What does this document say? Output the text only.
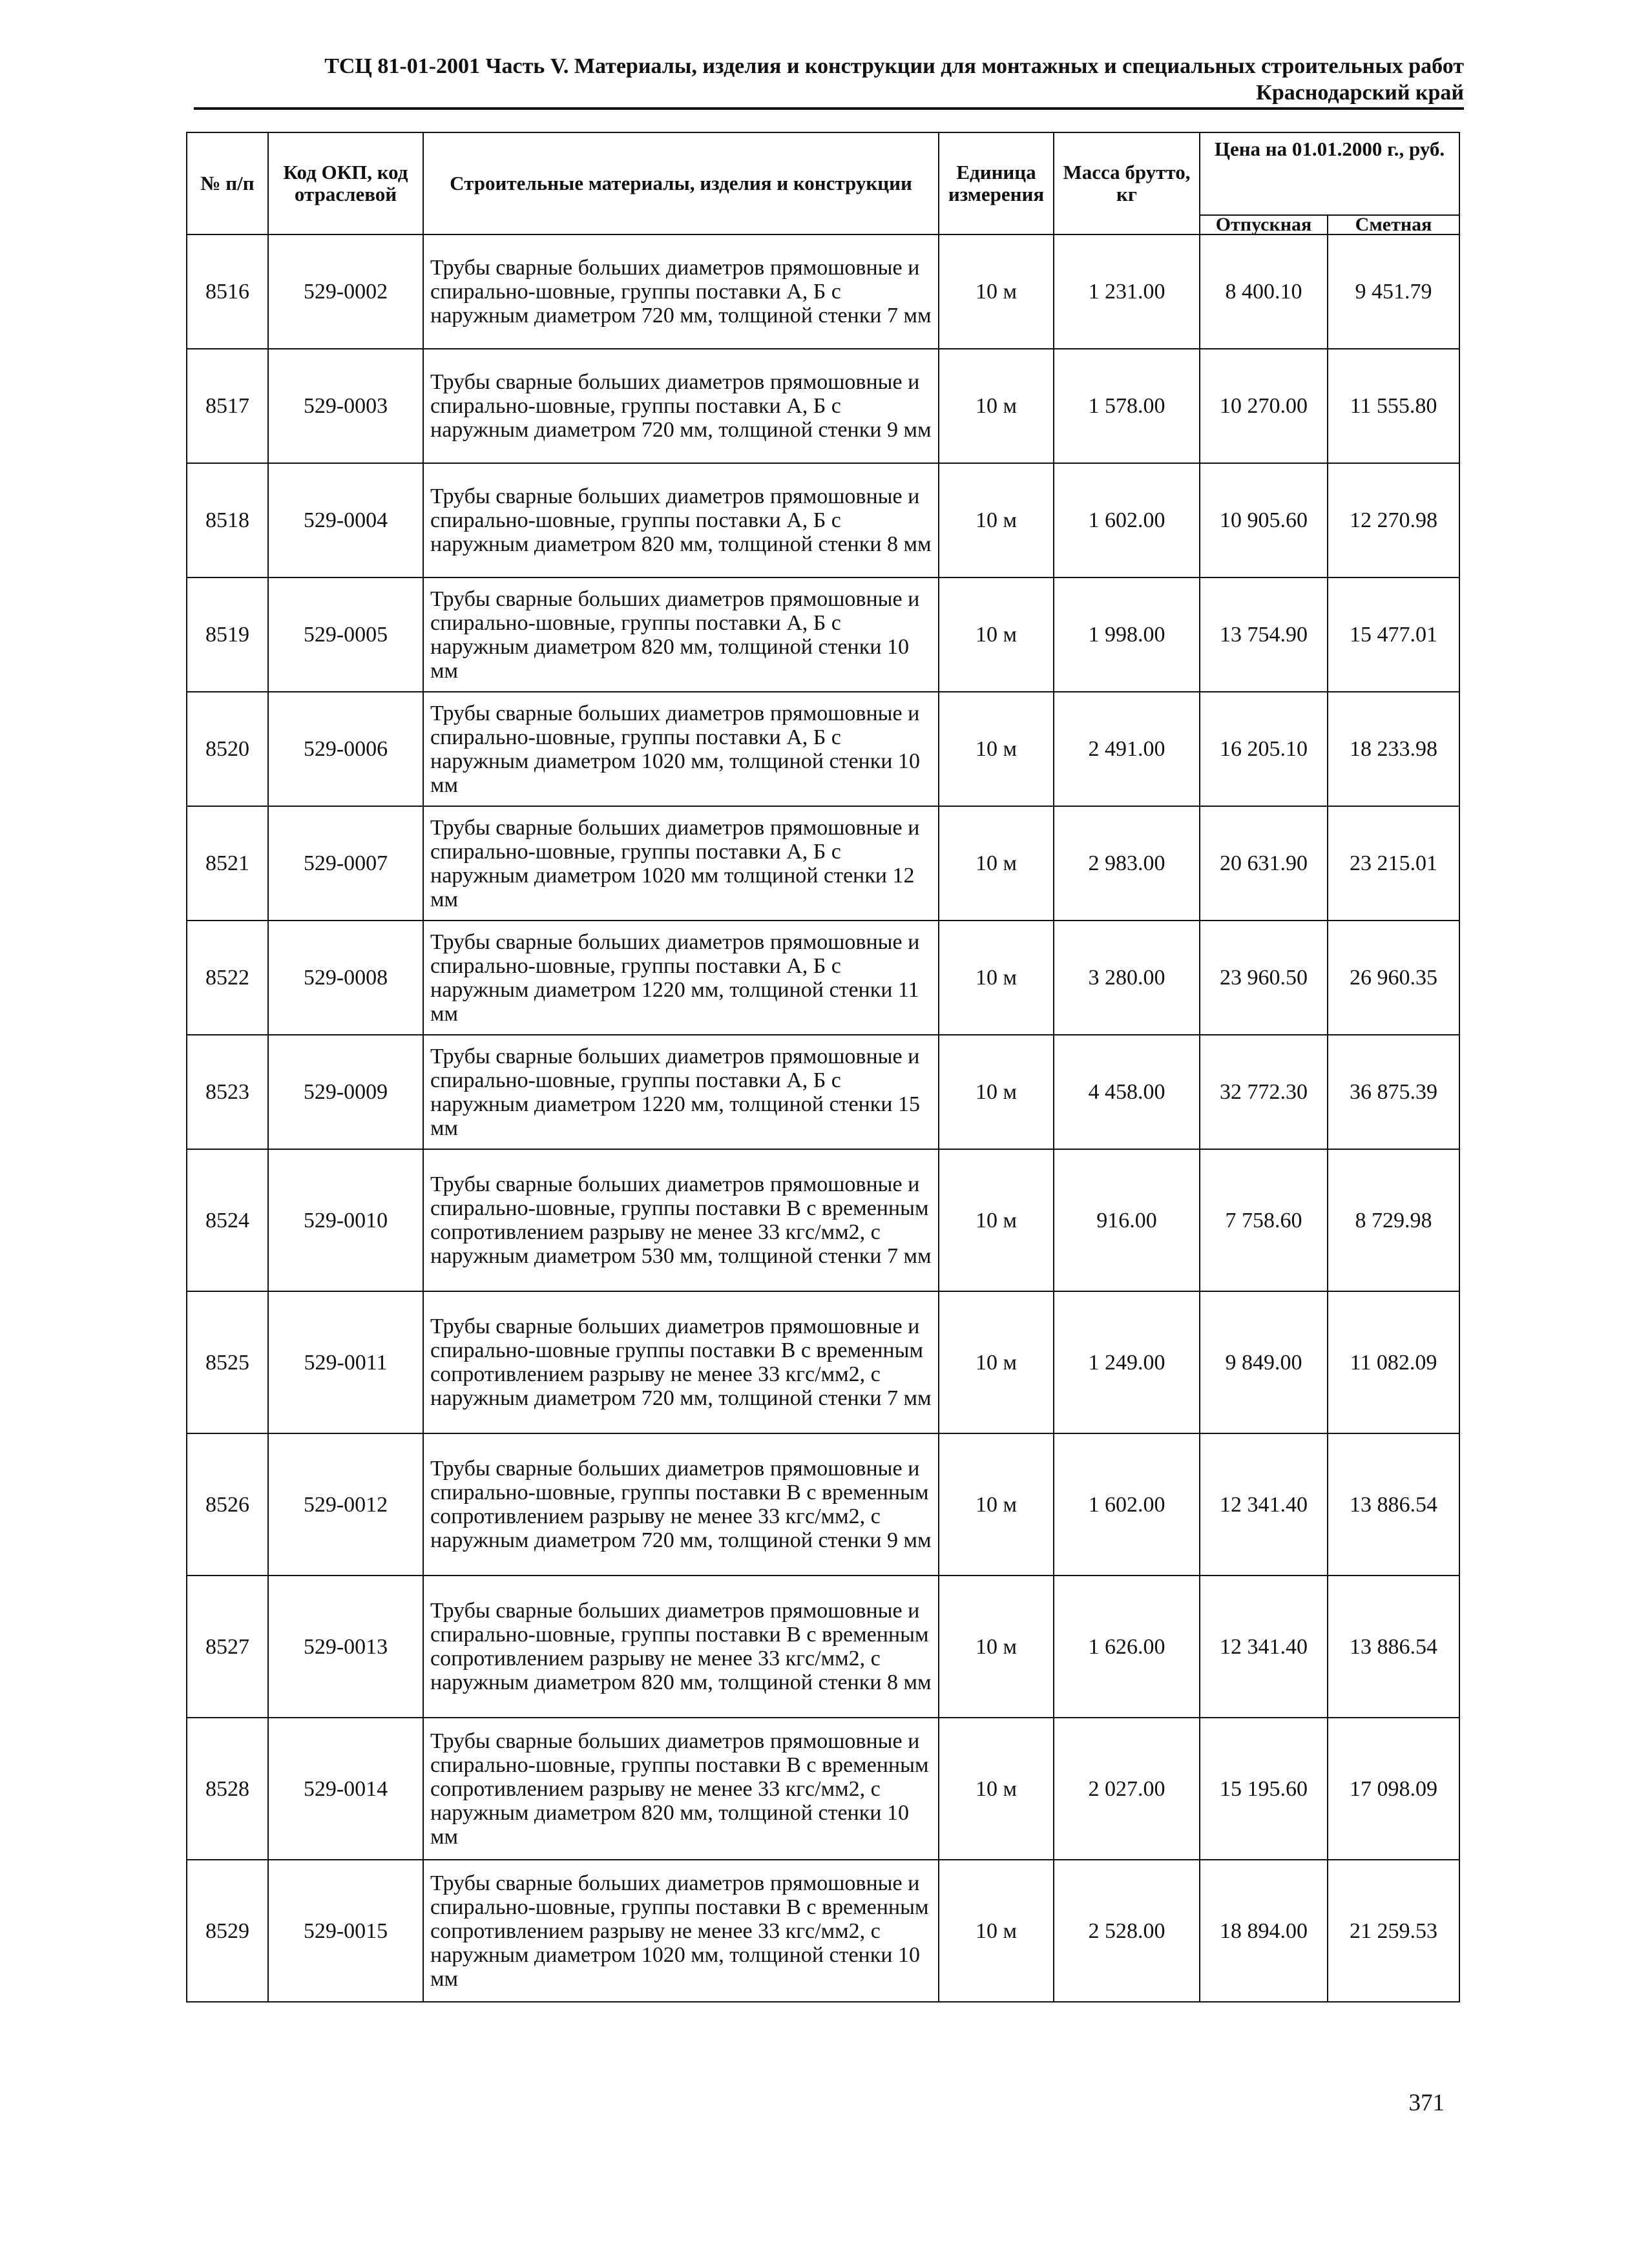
ТСЦ 81-01-2001 Часть V. Материалы, изделия и конструкции для монтажных и специальных строительных работ
Краснодарский край
№ п/п	Код ОКП, код отраслевой	Строительные материалы, изделия и конструкции	Единица измерения	Масса брутто, кг	Цена на 01.01.2000 г., руб.	
					Отпускная	Сметная
8516	529-0002	Трубы сварные больших диаметров прямошовные и спирально-шовные, группы поставки А, Б с наружным диаметром 720 мм, толщиной стенки 7 мм	10 м	1 231.00	8 400.10	9 451.79
8517	529-0003	Трубы сварные больших диаметров прямошовные и спирально-шовные, группы поставки А, Б с наружным диаметром 720 мм, толщиной стенки 9 мм	10 м	1 578.00	10 270.00	11 555.80
8518	529-0004	Трубы сварные больших диаметров прямошовные и спирально-шовные, группы поставки А, Б с наружным диаметром 820 мм, толщиной стенки 8 мм	10 м	1 602.00	10 905.60	12 270.98
8519	529-0005	Трубы сварные больших диаметров прямошовные и спирально-шовные, группы поставки А, Б с наружным диаметром 820 мм, толщиной стенки 10 мм	10 м	1 998.00	13 754.90	15 477.01
8520	529-0006	Трубы сварные больших диаметров прямошовные и спирально-шовные, группы поставки А, Б с наружным диаметром 1020 мм, толщиной стенки 10 мм	10 м	2 491.00	16 205.10	18 233.98
8521	529-0007	Трубы сварные больших диаметров прямошовные и спирально-шовные, группы поставки А, Б с наружным диаметром 1020 мм толщиной стенки 12 мм	10 м	2 983.00	20 631.90	23 215.01
8522	529-0008	Трубы сварные больших диаметров прямошовные и спирально-шовные, группы поставки А, Б с наружным диаметром 1220 мм, толщиной стенки 11 мм	10 м	3 280.00	23 960.50	26 960.35
8523	529-0009	Трубы сварные больших диаметров прямошовные и спирально-шовные, группы поставки А, Б с наружным диаметром 1220 мм, толщиной стенки 15 мм	10 м	4 458.00	32 772.30	36 875.39
8524	529-0010	Трубы сварные больших диаметров прямошовные и спирально-шовные, группы поставки В с временным сопротивлением разрыву не менее 33 кгс/мм2, с наружным диаметром 530 мм, толщиной стенки 7 мм	10 м	916.00	7 758.60	8 729.98
8525	529-0011	Трубы сварные больших диаметров прямошовные и спирально-шовные группы поставки В с временным сопротивлением разрыву не менее 33 кгс/мм2, с наружным диаметром 720 мм, толщиной стенки 7 мм	10 м	1 249.00	9 849.00	11 082.09
8526	529-0012	Трубы сварные больших диаметров прямошовные и спирально-шовные, группы поставки В с временным сопротивлением разрыву не менее 33 кгс/мм2, с наружным диаметром 720 мм, толщиной стенки 9 мм	10 м	1 602.00	12 341.40	13 886.54
8527	529-0013	Трубы сварные больших диаметров прямошовные и спирально-шовные, группы поставки В с временным сопротивлением разрыву не менее 33 кгс/мм2, с наружным диаметром 820 мм, толщиной стенки 8 мм	10 м	1 626.00	12 341.40	13 886.54
8528	529-0014	Трубы сварные больших диаметров прямошовные и спирально-шовные, группы поставки В с временным сопротивлением разрыву не менее 33 кгс/мм2, с наружным диаметром 820 мм, толщиной стенки 10 мм	10 м	2 027.00	15 195.60	17 098.09
8529	529-0015	Трубы сварные больших диаметров прямошовные и спирально-шовные, группы поставки В с временным сопротивлением разрыву не менее 33 кгс/мм2, с наружным диаметром 1020 мм, толщиной стенки 10 мм	10 м	2 528.00	18 894.00	21 259.53
371
